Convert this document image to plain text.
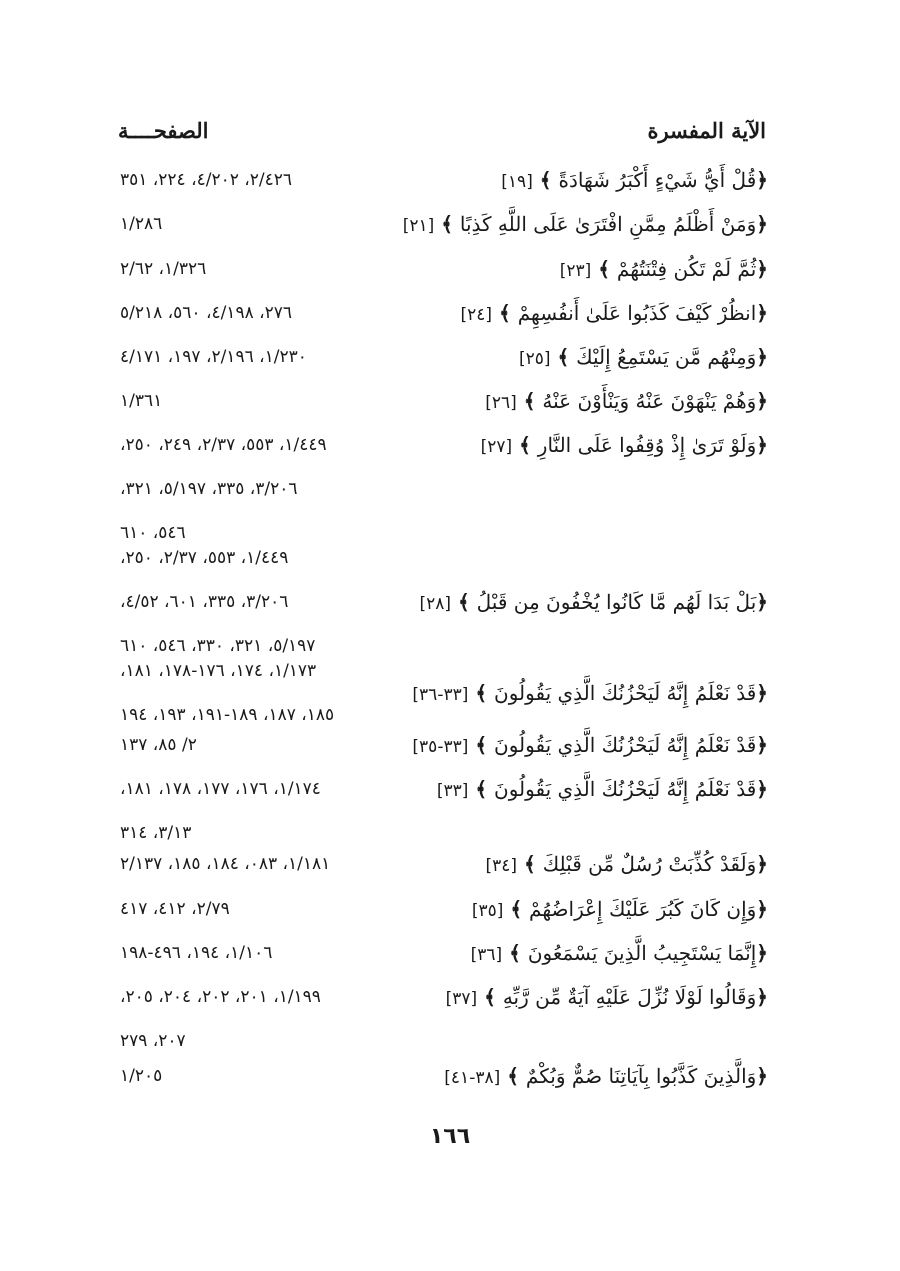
الآية المفسرة
الصفحــــة
﴿قُلْ أَيُّ شَيْءٍ أَكْبَرُ شَهَادَةً ﴾ [١٩]
٢/٤٢٦، ٤/٢٠٢، ٢٢٤، ٣٥١
﴿وَمَنْ أَظْلَمُ مِمَّنِ افْتَرَىٰ عَلَى اللَّهِ كَذِبًا ﴾ [٢١]
١/٢٨٦
﴿ثُمَّ لَمْ تَكُن فِتْنَتُهُمْ ﴾ [٢٣]
١/٣٢٦، ٢/٦٢
﴿انظُرْ كَيْفَ كَذَبُوا عَلَىٰ أَنفُسِهِمْ ﴾ [٢٤]
٢٧٦، ٤/١٩٨، ٥٦٠، ٥/٢١٨
﴿وَمِنْهُم مَّن يَسْتَمِعُ إِلَيْكَ ﴾ [٢٥]
١/٢٣٠، ٢/١٩٦، ١٩٧، ٤/١٧١
﴿وَهُمْ يَنْهَوْنَ عَنْهُ وَيَنْأَوْنَ عَنْهُ ﴾ [٢٦]
١/٣٦١
﴿وَلَوْ تَرَىٰ إِذْ وُقِفُوا عَلَى النَّارِ ﴾ [٢٧]
١/٤٤٩، ٥٥٣، ٢/٣٧، ٢٤٩، ٢٥٠،
٣/٢٠٦، ٣٣٥، ٥/١٩٧، ٣٢١،
٥٤٦، ٦١٠
﴿بَلْ بَدَا لَهُم مَّا كَانُوا يُخْفُونَ مِن قَبْلُ ﴾ [٢٨]
١/٤٤٩، ٥٥٣، ٢/٣٧، ٢٥٠،
٣/٢٠٦، ٣٣٥، ٦٠١، ٤/٥٢،
٥/١٩٧، ٣٢١، ٣٣٠، ٥٤٦، ٦١٠
﴿قَدْ نَعْلَمُ إِنَّهُ لَيَحْزُنُكَ الَّذِي يَقُولُونَ ﴾ [٣٣-٣٦]
١/١٧٣، ١٧٤، ١٧٦-١٧٨، ١٨١،
١٨٥، ١٨٧، ١٨٩-١٩١، ١٩٣، ١٩٤
﴿قَدْ نَعْلَمُ إِنَّهُ لَيَحْزُنُكَ الَّذِي يَقُولُونَ ﴾ [٣٣-٣٥]
٢/ ٨٥، ١٣٧
﴿قَدْ نَعْلَمُ إِنَّهُ لَيَحْزُنُكَ الَّذِي يَقُولُونَ ﴾ [٣٣]
١/١٧٤، ١٧٦، ١٧٧، ١٧٨، ١٨١،
٣/١٣، ٣١٤
﴿وَلَقَدْ كُذِّبَتْ رُسُلٌ مِّن قَبْلِكَ ﴾ [٣٤]
١/١٨١، ٠٨٣، ١٨٤، ١٨٥، ٢/١٣٧
﴿وَإِن كَانَ كَبُرَ عَلَيْكَ إِعْرَاضُهُمْ ﴾ [٣٥]
٢/٧٩، ٤١٢، ٤١٧
﴿إِنَّمَا يَسْتَجِيبُ الَّذِينَ يَسْمَعُونَ ﴾ [٣٦]
١/١٠٦، ١٩٤، ٤٩٦-١٩٨
﴿وَقَالُوا لَوْلَا نُزِّلَ عَلَيْهِ آيَةٌ مِّن رَّبِّهِ ﴾ [٣٧]
١/١٩٩، ٢٠١، ٢٠٢، ٢٠٤، ٢٠٥،
٢٠٧، ٢٧٩
﴿وَالَّذِينَ كَذَّبُوا بِآيَاتِنَا صُمٌّ وَبُكْمٌ ﴾ [٣٨-٤١]
١/٢٠٥
١٦٦
